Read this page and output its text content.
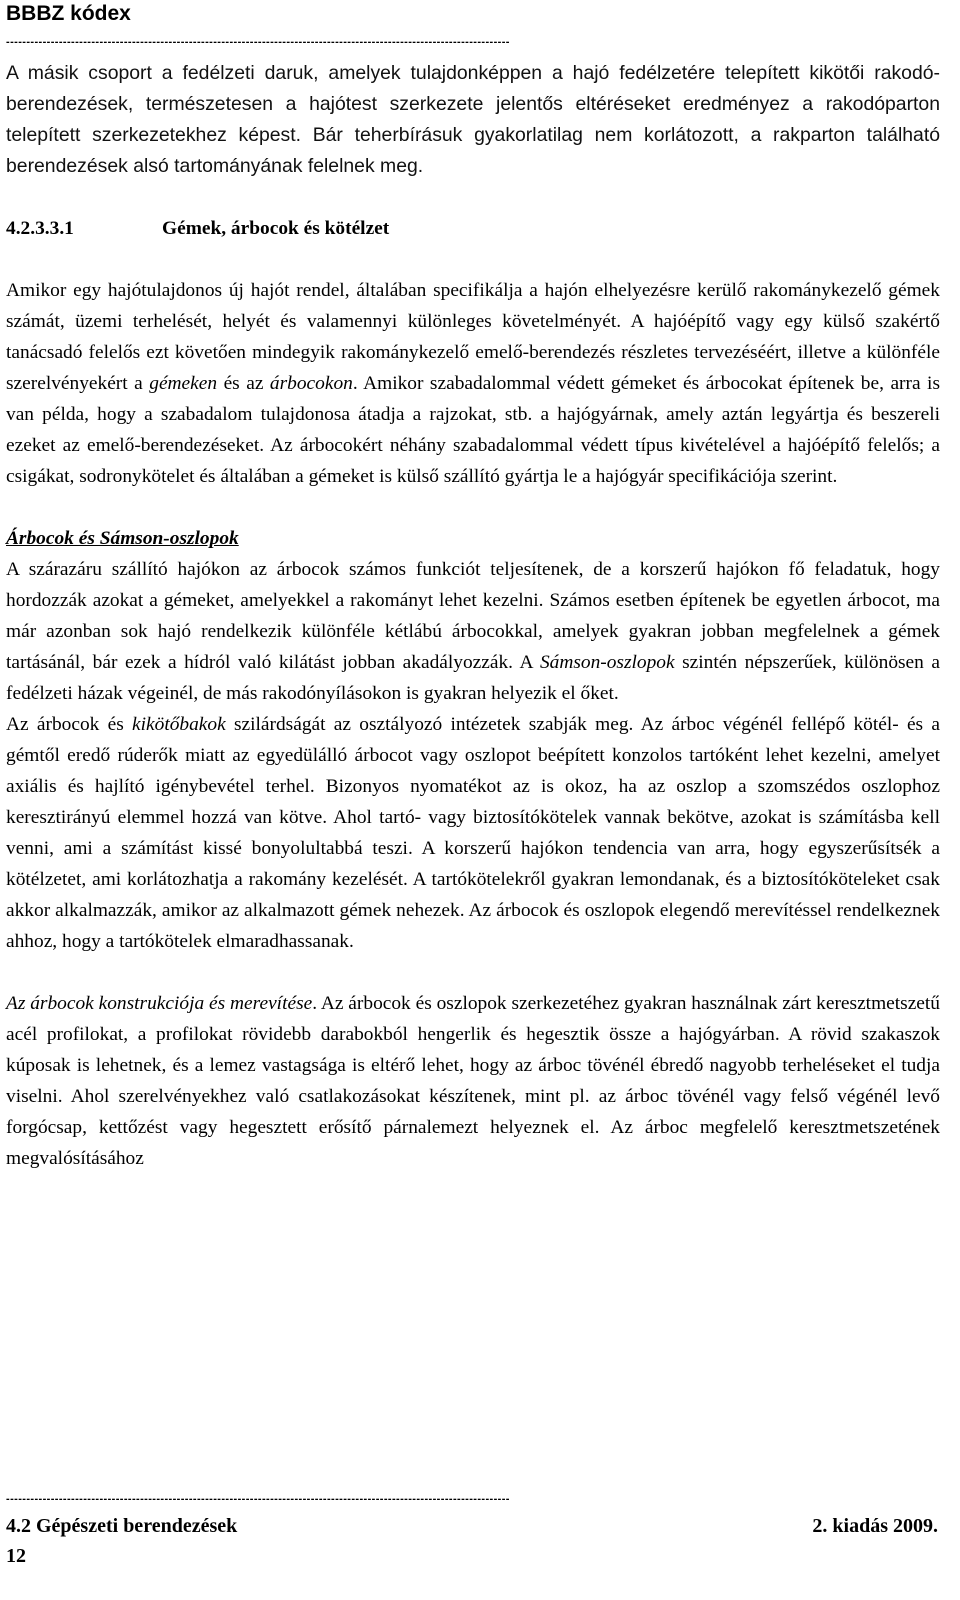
BBBZ kódex
----------------------------------------------------------------------------------------------------------------------------

A másik csoport a fedélzeti daruk, amelyek tulajdonképpen a hajó fedélzetére telepített kikötői rakodó-berendezések, természetesen a hajótest szerkezete jelentős eltéréseket eredményez a rakodóparton telepített szerkezetekhez képest. Bár teherbírásuk gyakorlatilag nem korlátozott, a rakparton található berendezések alsó tartományának felelnek meg.

4.2.3.3.1	Gémek, árbocok és kötélzet

Amikor egy hajótulajdonos új hajót rendel, általában specifikálja a hajón elhelyezésre kerülő rakománykezelő gémek számát, üzemi terhelését, helyét és valamennyi különleges követelményét. A hajóépítő vagy egy külső szakértő tanácsadó felelős ezt követően mindegyik rakománykezelő emelő-berendezés részletes tervezéséért, illetve a különféle szerelvényekért a gémeken és az árbocokon. Amikor szabadalommal védett gémeket és árbocokat építenek be, arra is van példa, hogy a szabadalom tulajdonosa átadja a rajzokat, stb. a hajógyárnak, amely aztán legyártja és beszereli ezeket az emelő-berendezéseket. Az árbocokért néhány szabadalommal védett típus kivételével a hajóépítő felelős; a csigákat, sodronykötelet és általában a gémeket is külső szállító gyártja le a hajógyár specifikációja szerint.

Árbocok és Sámson-oszlopok

A szárazáru szállító hajókon az árbocok számos funkciót teljesítenek, de a korszerű hajókon fő feladatuk, hogy hordozzák azokat a gémeket, amelyekkel a rakományt lehet kezelni. Számos esetben építenek be egyetlen árbocot, ma már azonban sok hajó rendelkezik különféle kétlábú árbocokkal, amelyek gyakran jobban megfelelnek a gémek tartásánál, bár ezek a hídról való kilátást jobban akadályozzák. A Sámson-oszlopok szintén népszerűek, különösen a fedélzeti házak végeinél, de más rakodónyílásokon is gyakran helyezik el őket.

Az árbocok és kikötőbakok szilárdságát az osztályozó intézetek szabják meg. Az árboc végénél fellépő kötél- és a gémtől eredő rúderők miatt az egyedülálló árbocot vagy oszlopot beépített konzolos tartóként lehet kezelni, amelyet axiális és hajlító igénybevétel terhel. Bizonyos nyomatékot az is okoz, ha az oszlop a szomszédos oszlophoz keresztirányú elemmel hozzá van kötve. Ahol tartó- vagy biztosítókötelek vannak bekötve, azokat is számításba kell venni, ami a számítást kissé bonyolultabbá teszi. A korszerű hajókon tendencia van arra, hogy egyszerűsítsék a kötélzetet, ami korlátozhatja a rakomány kezelését. A tartókötelekről gyakran lemondanak, és a biztosítóköteleket csak akkor alkalmazzák, amikor az alkalmazott gémek nehezek. Az árbocok és oszlopok elegendő merevítéssel rendelkeznek ahhoz, hogy a tartókötelek elmaradhassanak.

Az árbocok konstrukciója és merevítése. Az árbocok és oszlopok szerkezetéhez gyakran használnak zárt keresztmetszetű acél profilokat, a profilokat rövidebb darabokból hengerlik és hegesztik össze a hajógyárban. A rövid szakaszok kúposak is lehetnek, és a lemez vastagsága is eltérő lehet, hogy az árboc tövénél ébredő nagyobb terheléseket el tudja viselni. Ahol szerelvényekhez való csatlakozásokat készítenek, mint pl. az árboc tövénél vagy felső végénél levő forgócsap, kettőzést vagy hegesztett erősítő párnalemezt helyeznek el. Az árboc megfelelő keresztmetszetének megvalósításához

----------------------------------------------------------------------------------------------------------------------------
4.2 Gépészeti berendezések	2. kiadás 2009.
12
